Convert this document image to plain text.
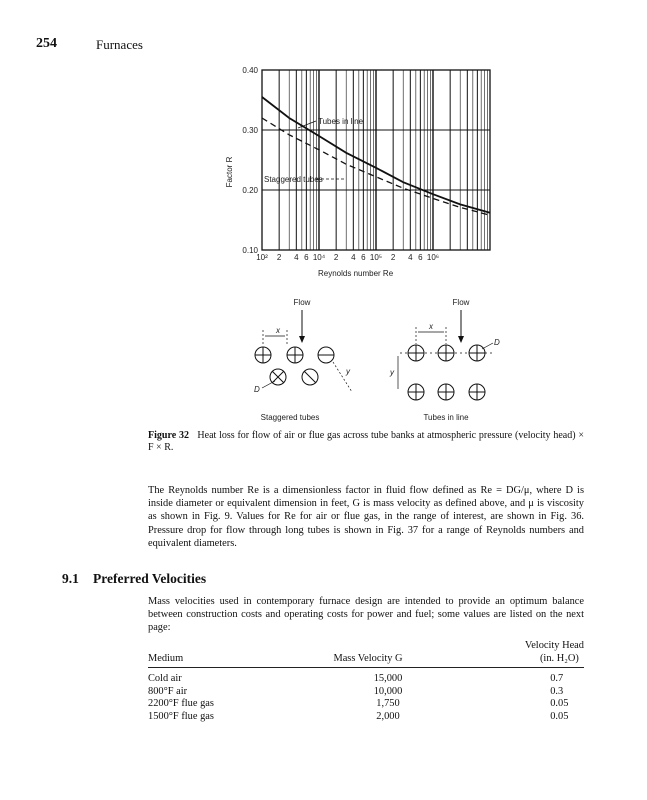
254	Furnaces
0.10
0.20
0.30
0.40
10² 2 4 6 10⁴ 2 4 6 10⁵ 2 4 6 10⁶
Factor R
Reynolds number Re
Tubes in line
Staggered tubes
Flow
x
y
D
Staggered tubes
Flow
x
y
D
Tubes in line
Figure 32 Heat loss for flow of air or flue gas across tube banks at atmospheric pressure (velocity head) × F × R.
The Reynolds number Re is a dimensionless factor in fluid flow defined as Re = DG/μ, where D is inside diameter or equivalent dimension in feet, G is mass velocity as defined above, and μ is viscosity as shown in Fig. 9. Values for Re for air or flue gas, in the range of interest, are shown in Fig. 36. Pressure drop for flow through long tubes is shown in Fig. 37 for a range of Reynolds numbers and equivalent diameters.
9.1 Preferred Velocities
Mass velocities used in contemporary furnace design are intended to provide an optimum balance between construction costs and operating costs for power and fuel; some values are listed on the next page:
Medium	Mass Velocity G	Velocity Head
(in. H₂O)
Cold air	15,000	0.7
800°F air	10,000	0.3
2200°F flue gas	1,750	0.05
1500°F flue gas	2,000	0.05
